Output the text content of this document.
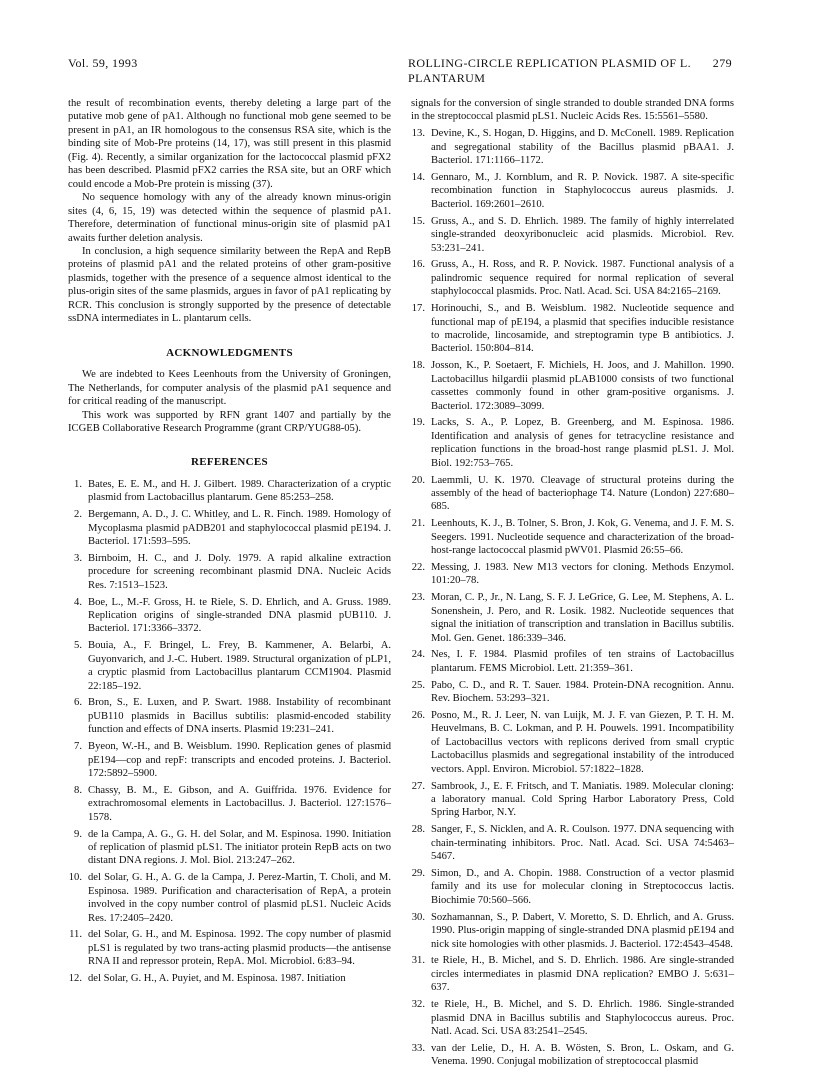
Vol. 59, 1993	ROLLING-CIRCLE REPLICATION PLASMID OF L. PLANTARUM
279

the result of recombination events, thereby deleting a large part of the putative mob gene of pA1. Although no functional mob gene seemed to be present in pA1, an IR homologous to the consensus RSA site, which is the binding site of Mob-Pre proteins (14, 17), was still present in this plasmid (Fig. 4). Recently, a similar organization for the lactococcal plasmid pFX2 has been described. Plasmid pFX2 carries the RSA site, but an ORF which could encode a Mob-Pre protein is missing (37).

No sequence homology with any of the already known minus-origin sites (4, 6, 15, 19) was detected within the sequence of plasmid pA1. Therefore, determination of functional minus-origin site of plasmid pA1 awaits further deletion analysis.

In conclusion, a high sequence similarity between the RepA and RepB proteins of plasmid pA1 and the related proteins of other gram-positive plasmids, together with the presence of a sequence almost identical to the plus-origin sites of the same plasmids, argues in favor of pA1 replicating by RCR. This conclusion is strongly supported by the presence of detectable ssDNA intermediates in L. plantarum cells.

ACKNOWLEDGMENTS

We are indebted to Kees Leenhouts from the University of Groningen, The Netherlands, for computer analysis of the plasmid pA1 sequence and for critical reading of the manuscript.

This work was supported by RFN grant 1407 and partially by the ICGEB Collaborative Research Programme (grant CRP/YUG88-05).

REFERENCES
1. Bates, E. E. M., and H. J. Gilbert. 1989. Characterization of a cryptic plasmid from Lactobacillus plantarum. Gene 85:253–258.
2. Bergemann, A. D., J. C. Whitley, and L. R. Finch. 1989. Homology of Mycoplasma plasmid pADB201 and staphylococcal plasmid pE194. J. Bacteriol. 171:593–595.
3. Birnboim, H. C., and J. Doly. 1979. A rapid alkaline extraction procedure for screening recombinant plasmid DNA. Nucleic Acids Res. 7:1513–1523.
4. Boe, L., M.-F. Gross, H. te Riele, S. D. Ehrlich, and A. Gruss. 1989. Replication origins of single-stranded DNA plasmid pUB110. J. Bacteriol. 171:3366–3372.
5. Bouia, A., F. Bringel, L. Frey, B. Kammener, A. Belarbi, A. Guyonvarich, and J.-C. Hubert. 1989. Structural organization of pLP1, a cryptic plasmid from Lactobacillus plantarum CCM1904. Plasmid 22:185–192.
6. Bron, S., E. Luxen, and P. Swart. 1988. Instability of recombinant pUB110 plasmids in Bacillus subtilis: plasmid-encoded stability function and effects of DNA inserts. Plasmid 19:231–241.
7. Byeon, W.-H., and B. Weisblum. 1990. Replication genes of plasmid pE194—cop and repF: transcripts and encoded proteins. J. Bacteriol. 172:5892–5900.
8. Chassy, B. M., E. Gibson, and A. Guiffrida. 1976. Evidence for extrachromosomal elements in Lactobacillus. J. Bacteriol. 127:1576–1578.
9. de la Campa, A. G., G. H. del Solar, and M. Espinosa. 1990. Initiation of replication of plasmid pLS1. The initiator protein RepB acts on two distant DNA regions. J. Mol. Biol. 213:247–262.
10. del Solar, G. H., A. G. de la Campa, J. Perez-Martin, T. Choli, and M. Espinosa. 1989. Purification and characterisation of RepA, a protein involved in the copy number control of plasmid pLS1. Nucleic Acids Res. 17:2405–2420.
11. del Solar, G. H., and M. Espinosa. 1992. The copy number of plasmid pLS1 is regulated by two trans-acting plasmid products—the antisense RNA II and repressor protein, RepA. Mol. Microbiol. 6:83–94.
12. del Solar, G. H., A. Puyiet, and M. Espinosa. 1987. Initiation
signals for the conversion of single stranded to double stranded DNA forms in the streptococcal plasmid pLS1. Nucleic Acids Res. 15:5561–5580.
13. Devine, K., S. Hogan, D. Higgins, and D. McConell. 1989. Replication and segregational stability of the Bacillus plasmid pBAA1. J. Bacteriol. 171:1166–1172.
14. Gennaro, M., J. Kornblum, and R. P. Novick. 1987. A site-specific recombination function in Staphylococcus aureus plasmids. J. Bacteriol. 169:2601–2610.
15. Gruss, A., and S. D. Ehrlich. 1989. The family of highly interrelated single-stranded deoxyribonucleic acid plasmids. Microbiol. Rev. 53:231–241.
16. Gruss, A., H. Ross, and R. P. Novick. 1987. Functional analysis of a palindromic sequence required for normal replication of several staphylococcal plasmids. Proc. Natl. Acad. Sci. USA 84:2165–2169.
17. Horinouchi, S., and B. Weisblum. 1982. Nucleotide sequence and functional map of pE194, a plasmid that specifies inducible resistance to macrolide, lincosamide, and streptogramin type B antibiotics. J. Bacteriol. 150:804–814.
18. Josson, K., P. Soetaert, F. Michiels, H. Joos, and J. Mahillon. 1990. Lactobacillus hilgardii plasmid pLAB1000 consists of two functional cassettes commonly found in other gram-positive organisms. J. Bacteriol. 172:3089–3099.
19. Lacks, S. A., P. Lopez, B. Greenberg, and M. Espinosa. 1986. Identification and analysis of genes for tetracycline resistance and replication functions in the broad-host range plasmid pLS1. J. Mol. Biol. 192:753–765.
20. Laemmli, U. K. 1970. Cleavage of structural proteins during the assembly of the head of bacteriophage T4. Nature (London) 227:680–685.
21. Leenhouts, K. J., B. Tolner, S. Bron, J. Kok, G. Venema, and J. F. M. S. Seegers. 1991. Nucleotide sequence and characterization of the broad-host-range lactococcal plasmid pWV01. Plasmid 26:55–66.
22. Messing, J. 1983. New M13 vectors for cloning. Methods Enzymol. 101:20–78.
23. Moran, C. P., Jr., N. Lang, S. F. J. LeGrice, G. Lee, M. Stephens, A. L. Sonenshein, J. Pero, and R. Losik. 1982. Nucleotide sequences that signal the initiation of transcription and translation in Bacillus subtilis. Mol. Gen. Genet. 186:339–346.
24. Nes, I. F. 1984. Plasmid profiles of ten strains of Lactobacillus plantarum. FEMS Microbiol. Lett. 21:359–361.
25. Pabo, C. D., and R. T. Sauer. 1984. Protein-DNA recognition. Annu. Rev. Biochem. 53:293–321.
26. Posno, M., R. J. Leer, N. van Luijk, M. J. F. van Giezen, P. T. H. M. Heuvelmans, B. C. Lokman, and P. H. Pouwels. 1991. Incompatibility of Lactobacillus vectors with replicons derived from small cryptic Lactobacillus plasmids and segregational instability of the introduced vectors. Appl. Environ. Microbiol. 57:1822–1828.
27. Sambrook, J., E. F. Fritsch, and T. Maniatis. 1989. Molecular cloning: a laboratory manual. Cold Spring Harbor Laboratory Press, Cold Spring Harbor, N.Y.
28. Sanger, F., S. Nicklen, and A. R. Coulson. 1977. DNA sequencing with chain-terminating inhibitors. Proc. Natl. Acad. Sci. USA 74:5463–5467.
29. Simon, D., and A. Chopin. 1988. Construction of a vector plasmid family and its use for molecular cloning in Streptococcus lactis. Biochimie 70:560–566.
30. Sozhamannan, S., P. Dabert, V. Moretto, S. D. Ehrlich, and A. Gruss. 1990. Plus-origin mapping of single-stranded DNA plasmid pE194 and nick site homologies with other plasmids. J. Bacteriol. 172:4543–4548.
31. te Riele, H., B. Michel, and S. D. Ehrlich. 1986. Are single-stranded circles intermediates in plasmid DNA replication? EMBO J. 5:631–637.
32. te Riele, H., B. Michel, and S. D. Ehrlich. 1986. Single-stranded plasmid DNA in Bacillus subtilis and Staphylococcus aureus. Proc. Natl. Acad. Sci. USA 83:2541–2545.
33. van der Lelie, D., H. A. B. Wösten, S. Bron, L. Oskam, and G. Venema. 1990. Conjugal mobilization of streptococcal plasmid
